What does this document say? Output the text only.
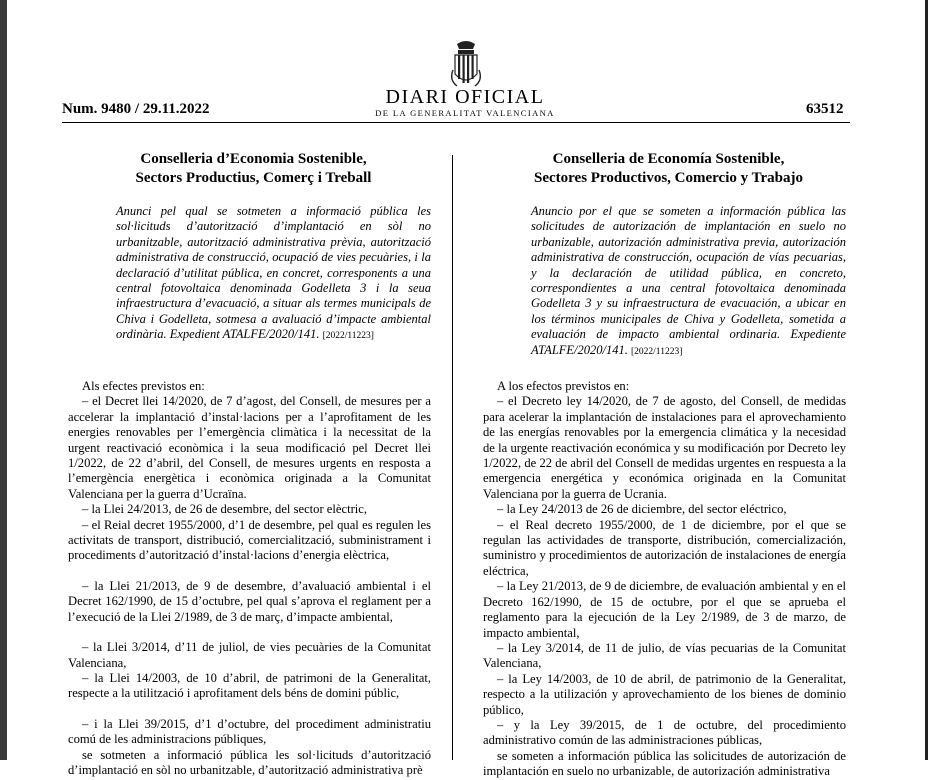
Num. 9480 / 29.11.2022
DIARI OFICIAL
DE LA GENERALITAT VALENCIANA	63512
Conselleria d’Economia Sostenible,
Sectors Productius, Comerç i Treball
Anunci pel qual se sotmeten a informació pública les sol·licituds d’autorització d’implantació en sòl no urbanitzable, autorització administrativa prèvia, autorització administrativa de construcció, ocupació de vies pecuàries, i la declaració d’utilitat pública, en concret, corresponents a una central fotovoltaica denominada Godelleta 3 i la seua infraestructura d’evacuació, a situar als termes municipals de Chiva i Godelleta, sotmesa a avaluació d’impacte ambiental ordinària. Expedient ATALFE/2020/141. [2022/11223]

Als efectes previstos en:

– el Decret llei 14/2020, de 7 d’agost, del Consell, de mesures per a accelerar la implantació d’instal·lacions per a l’aprofitament de les energies renovables per l’emergència climàtica i la necessitat de la urgent reactivació econòmica i la seua modificació pel Decret llei 1/2022, de 22 d’abril, del Consell, de mesures urgents en resposta a l’emergència energètica i econòmica originada a la Comunitat Valenciana per la guerra d’Ucraïna.

– la Llei 24/2013, de 26 de desembre, del sector elèctric,

– el Reial decret 1955/2000, d’1 de desembre, pel qual es regulen les activitats de transport, distribució, comercialització, subministrament i procediments d’autorització d’instal·lacions d’energia elèctrica,

– la Llei 21/2013, de 9 de desembre, d’avaluació ambiental i el Decret 162/1990, de 15 d’octubre, pel qual s’aprova el reglament per a l’execució de la Llei 2/1989, de 3 de març, d’impacte ambiental,

– la Llei 3/2014, d’11 de juliol, de vies pecuàries de la Comunitat Valenciana,

– la Llei 14/2003, de 10 d’abril, de patrimoni de la Generalitat, respecte a la utilització i aprofitament dels béns de domini públic,

– i la Llei 39/2015, d’1 d’octubre, del procediment administratiu comú de les administracions públiques,

se sotmeten a informació pública les sol·licituds d’autorització d’implantació en sòl no urbanitzable, d’autorització administrativa prè

Conselleria de Economía Sostenible,
Sectores Productivos, Comercio y Trabajo
Anuncio por el que se someten a información pública las solicitudes de autorización de implantación en suelo no urbanizable, autorización administrativa previa, autorización administrativa de construcción, ocupación de vías pecuarias, y la declaración de utilidad pública, en concreto, correspondientes a una central fotovoltaica denominada Godelleta 3 y su infraestructura de evacuación, a ubicar en los términos municipales de Chiva y Godelleta, sometida a evaluación de impacto ambiental ordinaria. Expediente ATALFE/2020/141. [2022/11223]

A los efectos previstos en:

– el Decreto ley 14/2020, de 7 de agosto, del Consell, de medidas para acelerar la implantación de instalaciones para el aprovechamiento de las energías renovables por la emergencia climática y la necesidad de la urgente reactivación económica y su modificación por Decreto ley 1/2022, de 22 de abril del Consell de medidas urgentes en respuesta a la emergencia energética y económica originada en la Comunitat Valenciana por la guerra de Ucrania.

– la Ley 24/2013 de 26 de diciembre, del sector eléctrico,

– el Real decreto 1955/2000, de 1 de diciembre, por el que se regulan las actividades de transporte, distribución, comercialización, suministro y procedimientos de autorización de instalaciones de energía eléctrica,

– la Ley 21/2013, de 9 de diciembre, de evaluación ambiental y en el Decreto 162/1990, de 15 de octubre, por el que se aprueba el reglamento para la ejecución de la Ley 2/1989, de 3 de marzo, de impacto ambiental,

– la Ley 3/2014, de 11 de julio, de vías pecuarias de la Comunitat Valenciana,

– la Ley 14/2003, de 10 de abril, de patrimonio de la Generalitat, respecto a la utilización y aprovechamiento de los bienes de dominio público,

– y la Ley 39/2015, de 1 de octubre, del procedimiento administrativo común de las administraciones públicas,

se someten a información pública las solicitudes de autorización de implantación en suelo no urbanizable, de autorización administrativa
